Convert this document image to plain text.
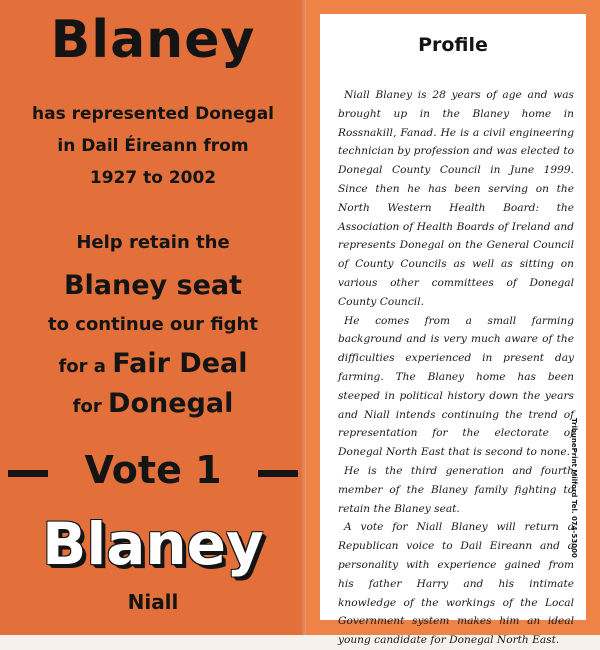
Blaney
has represented Donegal
in Dail Éireann from
1927 to 2002
Help retain the
Blaney seat
to continue our fight
for a Fair Deal
for Donegal
Vote 1
Blaney
Niall
Profile

Niall Blaney is 28 years of age and was brought up in the Blaney home in Rossnakill, Fanad. He is a civil engineering technician by profession and was elected to Donegal County Council in June 1999. Since then he has been serving on the North Western Health Board: the Association of Health Boards of Ireland and represents Donegal on the General Council of County Councils as well as sitting on various other committees of Donegal County Council.

He comes from a small farming background and is very much aware of the difficulties experienced in present day farming. The Blaney home has been steeped in political history down the years and Niall intends continuing the trend of representation for the electorate of Donegal North East that is second to none.

He is the third generation and fourth member of the Blaney family fighting to retain the Blaney seat.

A vote for Niall Blaney will return a Republican voice to Dail Eireann and a personality with experience gained from his father Harry and his intimate knowledge of the workings of the Local Government system makes him an ideal young candidate for Donegal North East.

TribunePrint Milford Tel. 074-53000
